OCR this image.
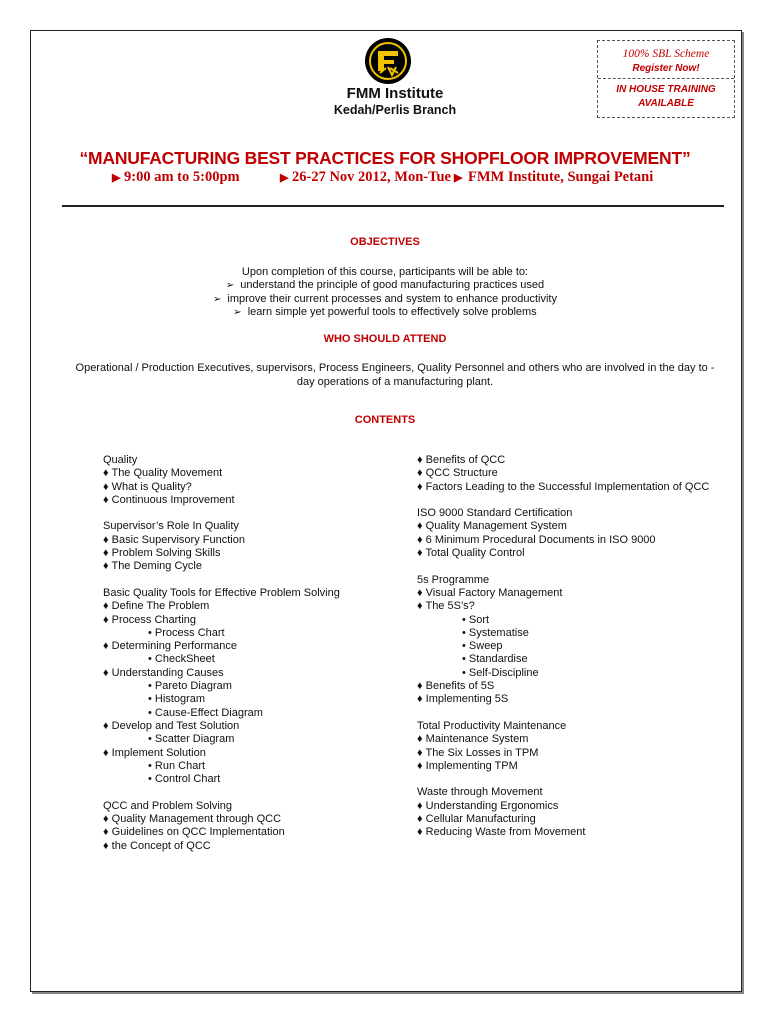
FMM Institute
Kedah/Perlis Branch
100% SBL Scheme
Register Now!
IN HOUSE TRAINING
AVAILABLE
“MANUFACTURING BEST PRACTICES FOR SHOPFLOOR IMPROVEMENT”
▶ 9:00 am to 5:00pm	▶ 26-27 Nov 2012, Mon-Tue ▶ FMM Institute, Sungai Petani
OBJECTIVES
Upon completion of this course, participants will be able to:
➢ understand the principle of good manufacturing practices used
➢ improve their current processes and system to enhance productivity
➢ learn simple yet powerful tools to effectively solve problems
WHO SHOULD ATTEND
Operational / Production Executives, supervisors, Process Engineers, Quality Personnel and others who are involved in the day to - day operations of a manufacturing plant.
CONTENTS
Quality
♦ The Quality Movement
♦ What is Quality?
♦ Continuous Improvement
Supervisor’s Role In Quality
♦ Basic Supervisory Function
♦ Problem Solving Skills
♦ The Deming Cycle
Basic Quality Tools for Effective Problem Solving
♦ Define The Problem
♦ Process Charting
• Process Chart
♦ Determining Performance
• CheckSheet
♦ Understanding Causes
• Pareto Diagram
• Histogram
• Cause-Effect Diagram
♦ Develop and Test Solution
• Scatter Diagram
♦ Implement Solution
• Run Chart
• Control Chart
QCC and Problem Solving
♦ Quality Management through QCC
♦ Guidelines on QCC Implementation
♦ the Concept of QCC
♦ Benefits of QCC
♦ QCC Structure
♦ Factors Leading to the Successful Implementation of QCC
ISO 9000 Standard Certification
♦ Quality Management System
♦ 6 Minimum Procedural Documents in ISO 9000
♦ Total Quality Control
5s Programme
♦ Visual Factory Management
♦ The 5S’s?
• Sort
• Systematise
• Sweep
• Standardise
• Self-Discipline
♦ Benefits of 5S
♦ Implementing 5S
Total Productivity Maintenance
♦ Maintenance System
♦ The Six Losses in TPM
♦ Implementing TPM
Waste through Movement
♦ Understanding Ergonomics
♦ Cellular Manufacturing
♦ Reducing Waste from Movement
